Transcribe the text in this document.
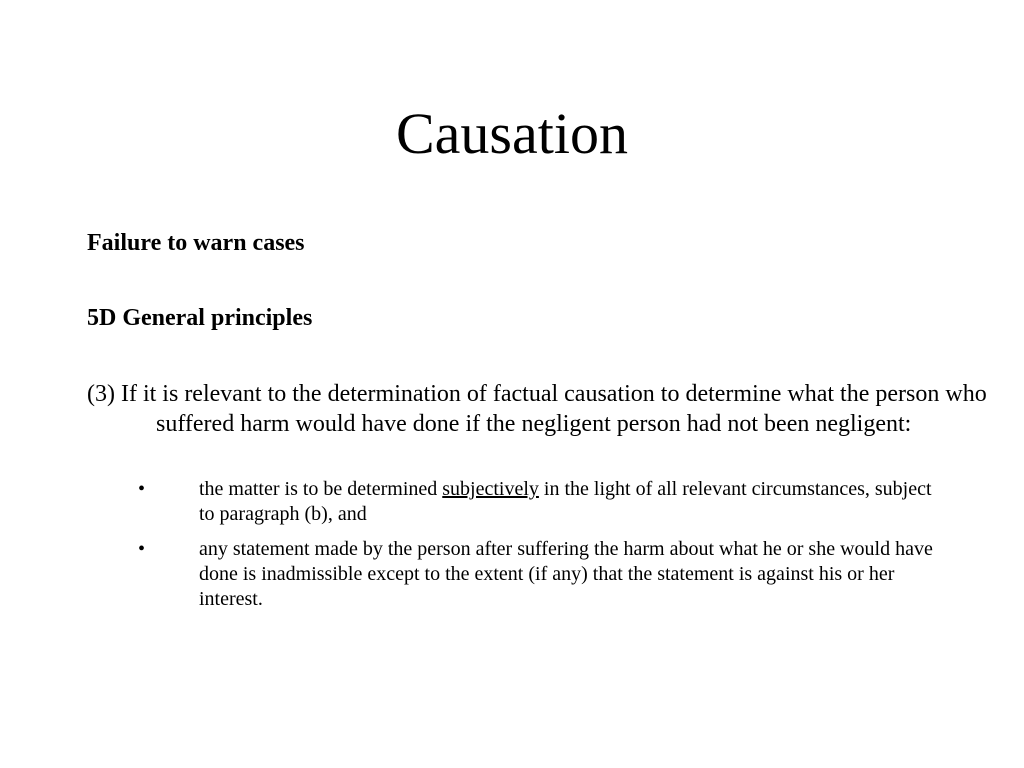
Causation

Failure to warn cases

5D General principles

(3) If it is relevant to the determination of factual causation to determine what the person who suffered harm would have done if the negligent person had not been negligent:

•	the matter is to be determined subjectively in the light of all relevant circumstances, subject to paragraph (b), and
•	any statement made by the person after suffering the harm about what he or she would have done is inadmissible except to the extent (if any) that the statement is against his or her interest.
